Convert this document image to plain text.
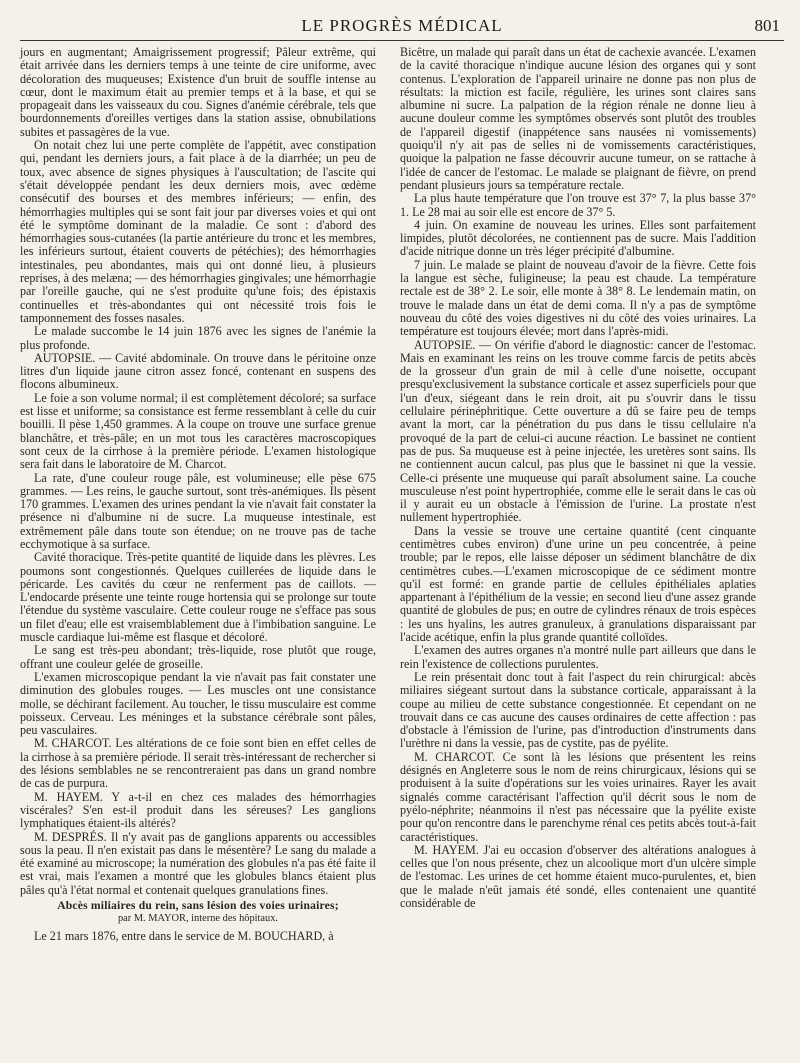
LE PROGRÈS MÉDICAL	801

jours en augmentant; Amaigrissement progressif; Pâleur extrême, qui était arrivée dans les derniers temps à une teinte de cire uniforme, avec décoloration des muqueuses; Existence d'un bruit de souffle intense au cœur, dont le maximum était au premier temps et à la base, et qui se propageait dans les vaisseaux du cou. Signes d'anémie cérébrale, tels que bourdonnements d'oreilles vertiges dans la station assise, obnubilations subites et passagères de la vue.

On notait chez lui une perte complète de l'appétit, avec constipation qui, pendant les derniers jours, a fait place à de la diarrhée; un peu de toux, avec absence de signes physiques à l'auscultation; de l'ascite qui s'était développée pendant les deux derniers mois, avec œdème consécutif des bourses et des membres inférieurs; — enfin, des hémorrhagies multiples qui se sont fait jour par diverses voies et qui ont été le symptôme dominant de la maladie. Ce sont : d'abord des hémorrhagies sous-cutanées (la partie antérieure du tronc et les membres, les inférieurs surtout, étaient couverts de pétéchies); des hémorrhagies intestinales, peu abondantes, mais qui ont donné lieu, à plusieurs reprises, à des melæna; — des hémorrhagies gingivales; une hémorrhagie par l'oreille gauche, qui ne s'est produite qu'une fois; des épistaxis continuelles et très-abondantes qui ont nécessité trois fois le tamponnement des fosses nasales.

Le malade succombe le 14 juin 1876 avec les signes de l'anémie la plus profonde.

AUTOPSIE. — Cavité abdominale. On trouve dans le péritoine onze litres d'un liquide jaune citron assez foncé, contenant en suspens des flocons albumineux.

Le foie a son volume normal; il est complètement décoloré; sa surface est lisse et uniforme; sa consistance est ferme ressemblant à celle du cuir bouilli. Il pèse 1,450 grammes. A la coupe on trouve une surface grenue blanchâtre, et très-pâle; en un mot tous les caractères macroscopiques sont ceux de la cirrhose à la première période. L'examen histologique sera fait dans le laboratoire de M. Charcot.

La rate, d'une couleur rouge pâle, est volumineuse; elle pèse 675 grammes. — Les reins, le gauche surtout, sont très-anémiques. Ils pèsent 170 grammes. L'examen des urines pendant la vie n'avait fait constater la présence ni d'albumine ni de sucre. La muqueuse intestinale, est extrêmement pâle dans toute son étendue; on ne trouve pas de tache ecchymotique à sa surface.

Cavité thoracique. Très-petite quantité de liquide dans les plèvres. Les poumons sont congestionnés. Quelques cuillerées de liquide dans le péricarde. Les cavités du cœur ne renferment pas de caillots. — L'endocarde présente une teinte rouge hortensia qui se prolonge sur toute l'étendue du système vasculaire. Cette couleur rouge ne s'efface pas sous un filet d'eau; elle est vraisemblablement due à l'imbibation sanguine. Le muscle cardiaque lui-même est flasque et décoloré.

Le sang est très-peu abondant; très-liquide, rose plutôt que rouge, offrant une couleur gelée de groseille.

L'examen microscopique pendant la vie n'avait pas fait constater une diminution des globules rouges. — Les muscles ont une consistance molle, se déchirant facilement. Au toucher, le tissu musculaire est comme poisseux. Cerveau. Les méninges et la substance cérébrale sont pâles, peu vasculaires.

M. CHARCOT. Les altérations de ce foie sont bien en effet celles de la cirrhose à sa première période. Il serait très-intéressant de rechercher si des lésions semblables ne se rencontreraient pas dans un grand nombre de cas de purpura.

M. HAYEM. Y a-t-il en chez ces malades des hémorrhagies viscérales? S'en est-il produit dans les séreuses? Les ganglions lymphatiques étaient-ils altérés?

M. DESPRÉS. Il n'y avait pas de ganglions apparents ou accessibles sous la peau. Il n'en existait pas dans le mésentère? Le sang du malade a été examiné au microscope; la numération des globules n'a pas été faite il est vrai, mais l'examen a montré que les globules blancs étaient plus pâles qu'à l'état normal et contenait quelques granulations fines.

Abcès miliaires du rein, sans lésion des voies urinaires;

par M. MAYOR, interne des hôpitaux.

Le 21 mars 1876, entre dans le service de M. BOUCHARD, à

Bicêtre, un malade qui paraît dans un état de cachexie avancée. L'examen de la cavité thoracique n'indique aucune lésion des organes qui y sont contenus. L'exploration de l'appareil urinaire ne donne pas non plus de résultats: la miction est facile, régulière, les urines sont claires sans albumine ni sucre. La palpation de la région rénale ne donne lieu à aucune douleur comme les symptômes observés sont plutôt des troubles de l'appareil digestif (inappétence sans nausées ni vomissements) quoiqu'il n'y ait pas de selles ni de vomissements caractéristiques, quoique la palpation ne fasse découvrir aucune tumeur, on se rattache à l'idée de cancer de l'estomac. Le malade se plaignant de fièvre, on prend pendant plusieurs jours sa température rectale.

La plus haute température que l'on trouve est 37° 7, la plus basse 37° 1. Le 28 mai au soir elle est encore de 37° 5.

4 juin. On examine de nouveau les urines. Elles sont parfaitement limpides, plutôt décolorées, ne contiennent pas de sucre. Mais l'addition d'acide nitrique donne un très léger précipité d'albumine.

7 juin. Le malade se plaint de nouveau d'avoir de la fièvre. Cette fois la langue est sèche, fuligineuse; la peau est chaude. La température rectale est de 38° 2. Le soir, elle monte à 38° 8. Le lendemain matin, on trouve le malade dans un état de demi coma. Il n'y a pas de symptôme nouveau du côté des voies digestives ni du côté des voies urinaires. La température est toujours élevée; mort dans l'après-midi.

AUTOPSIE. — On vérifie d'abord le diagnostic: cancer de l'estomac. Mais en examinant les reins on les trouve comme farcis de petits abcès de la grosseur d'un grain de mil à celle d'une noisette, occupant presqu'exclusivement la substance corticale et assez superficiels pour que l'un d'eux, siégeant dans le rein droit, ait pu s'ouvrir dans le tissu cellulaire périnéphritique. Cette ouverture a dû se faire peu de temps avant la mort, car la pénétration du pus dans le tissu cellulaire n'a provoqué de la part de celui-ci aucune réaction. Le bassinet ne contient pas de pus. Sa muqueuse est à peine injectée, les uretères sont sains. Ils ne contiennent aucun calcul, pas plus que le bassinet ni que la vessie. Celle-ci présente une muqueuse qui paraît absolument saine. La couche musculeuse n'est point hypertrophiée, comme elle le serait dans le cas où il y aurait eu un obstacle à l'émission de l'urine. La prostate n'est nullement hypertrophiée.

Dans la vessie se trouve une certaine quantité (cent cinquante centimètres cubes environ) d'une urine un peu concentrée, à peine trouble; par le repos, elle laisse déposer un sédiment blanchâtre de dix centimètres cubes.—L'examen microscopique de ce sédiment montre qu'il est formé: en grande partie de cellules épithéliales aplaties appartenant à l'épithélium de la vessie; en second lieu d'une assez grande quantité de globules de pus; en outre de cylindres rénaux de trois espèces : les uns hyalins, les autres granuleux, à granulations disparaissant par l'acide acétique, enfin la plus grande quantité colloïdes.

L'examen des autres organes n'a montré nulle part ailleurs que dans le rein l'existence de collections purulentes.

Le rein présentait donc tout à fait l'aspect du rein chirurgical: abcès miliaires siégeant surtout dans la substance corticale, apparaissant à la coupe au milieu de cette substance congestionnée. Et cependant on ne trouvait dans ce cas aucune des causes ordinaires de cette affection : pas d'obstacle à l'émission de l'urine, pas d'introduction d'instruments dans l'urèthre ni dans la vessie, pas de cystite, pas de pyélite.

M. CHARCOT. Ce sont là les lésions que présentent les reins désignés en Angleterre sous le nom de reins chirurgicaux, lésions qui se produisent à la suite d'opérations sur les voies urinaires. Rayer les avait signalés comme caractérisant l'affection qu'il décrit sous le nom de pyélo-néphrite; néanmoins il n'est pas nécessaire que la pyélite existe pour qu'on rencontre dans le parenchyme rénal ces petits abcès tout-à-fait caractéristiques.

M. HAYEM. J'ai eu occasion d'observer des altérations analogues à celles que l'on nous présente, chez un alcoolique mort d'un ulcère simple de l'estomac. Les urines de cet homme étaient muco-purulentes, et, bien que le malade n'eût jamais été sondé, elles contenaient une quantité considérable de
